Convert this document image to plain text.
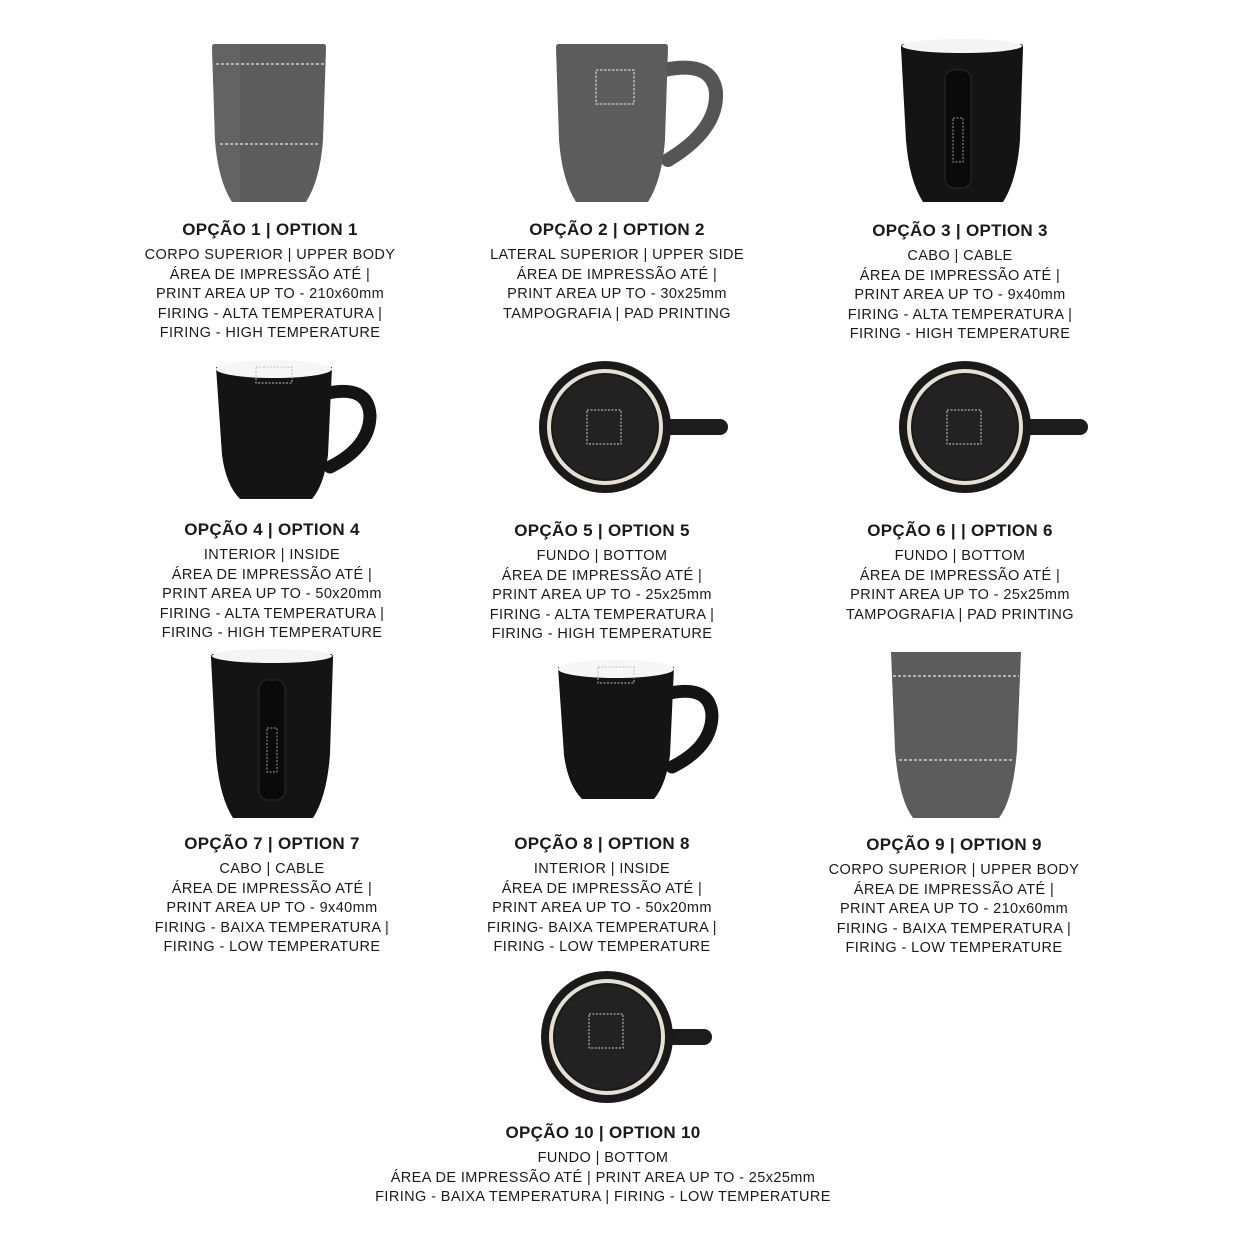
OPÇÃO 1 | OPTION 1
CORPO SUPERIOR | UPPER BODY
ÁREA DE IMPRESSÃO ATÉ |
PRINT AREA UP TO - 210x60mm
FIRING - ALTA TEMPERATURA |
FIRING - HIGH TEMPERATURE
OPÇÃO 2 | OPTION 2
LATERAL SUPERIOR | UPPER SIDE
ÁREA DE IMPRESSÃO ATÉ |
PRINT AREA UP TO - 30x25mm
TAMPOGRAFIA | PAD PRINTING
OPÇÃO 3 | OPTION 3
CABO | CABLE
ÁREA DE IMPRESSÃO ATÉ |
PRINT AREA UP TO - 9x40mm
FIRING - ALTA TEMPERATURA |
FIRING - HIGH TEMPERATURE
OPÇÃO 4 | OPTION 4
INTERIOR | INSIDE
ÁREA DE IMPRESSÃO ATÉ |
PRINT AREA UP TO - 50x20mm
FIRING - ALTA TEMPERATURA |
FIRING - HIGH TEMPERATURE
OPÇÃO 5 | OPTION 5
FUNDO | BOTTOM
ÁREA DE IMPRESSÃO ATÉ |
PRINT AREA UP TO - 25x25mm
FIRING - ALTA TEMPERATURA |
FIRING - HIGH TEMPERATURE
OPÇÃO 6 | | OPTION 6
FUNDO | BOTTOM
ÁREA DE IMPRESSÃO ATÉ |
PRINT AREA UP TO - 25x25mm
TAMPOGRAFIA | PAD PRINTING
OPÇÃO 7 | OPTION 7
CABO | CABLE
ÁREA DE IMPRESSÃO ATÉ |
PRINT AREA UP TO - 9x40mm
FIRING - BAIXA TEMPERATURA |
FIRING - LOW TEMPERATURE
OPÇÃO 8 | OPTION 8
INTERIOR | INSIDE
ÁREA DE IMPRESSÃO ATÉ |
PRINT AREA UP TO - 50x20mm
FIRING- BAIXA TEMPERATURA |
FIRING - LOW TEMPERATURE
OPÇÃO 9 | OPTION 9
CORPO SUPERIOR | UPPER BODY
ÁREA DE IMPRESSÃO ATÉ |
PRINT AREA UP TO - 210x60mm
FIRING - BAIXA TEMPERATURA |
FIRING - LOW TEMPERATURE
OPÇÃO 10 | OPTION 10
FUNDO | BOTTOM
ÁREA DE IMPRESSÃO ATÉ | PRINT AREA UP TO - 25x25mm
FIRING - BAIXA TEMPERATURA | FIRING - LOW TEMPERATURE
